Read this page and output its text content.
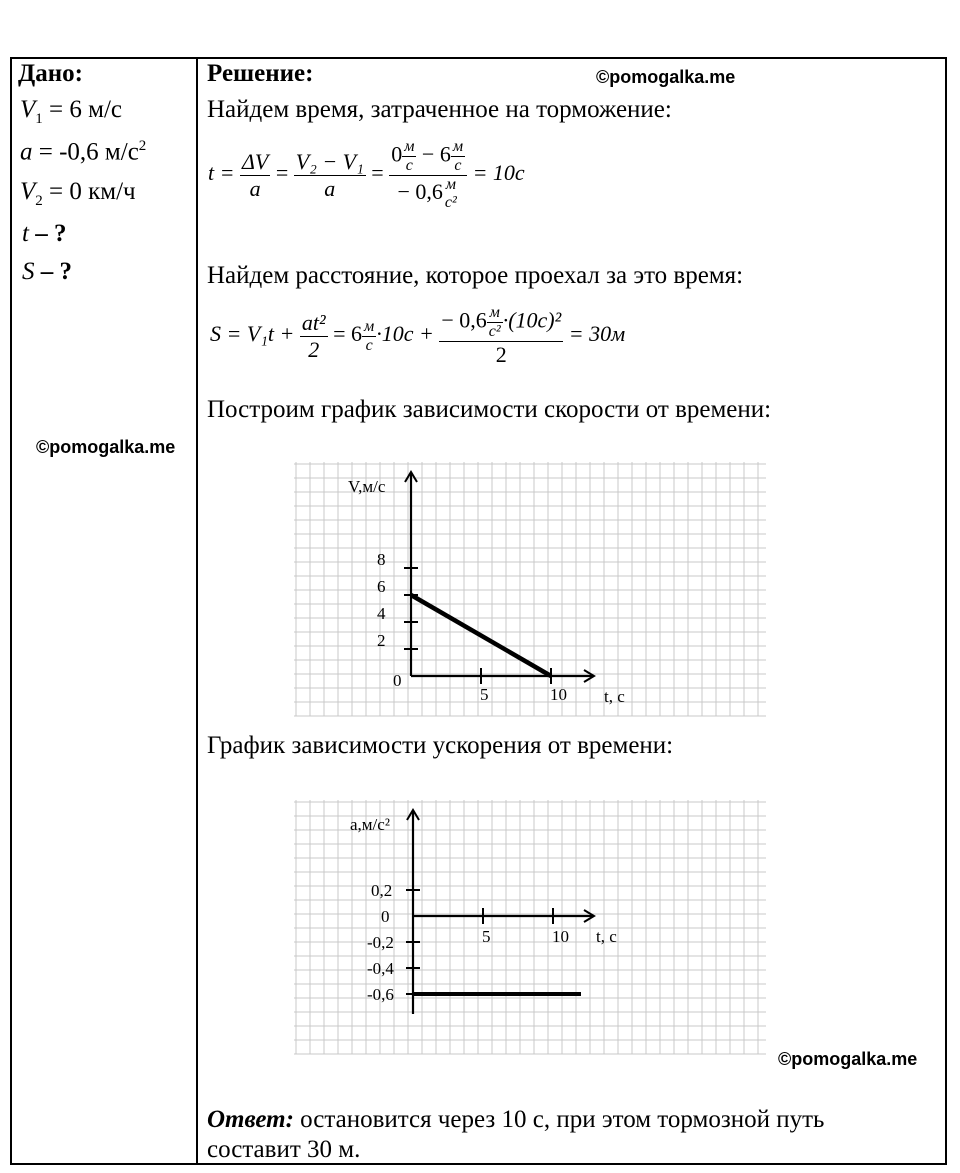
Дано:
$V_1 = 6$ м/с
a = -0,6 $м/с^2$
$V_2 = 0$ км/ч
t – ?
S – ?
©pomogalka.me
Решение:	©pomogalka.me
Найдем время, затраченное на торможение:
$t = \frac{\Delta V}{a} = \frac{\text{V₂ − V₁}}{a} = 0 \frac{м}{с} - 6 \frac{м}{с}$
− 0,6 м
с² = 10с
Найдем расстояние, которое проехал за это время:
$S = V_1t + \frac{\text{at²}}{2} = 6 \frac{м}{с} \cdot 10с + \frac{- 0,6 \frac{м}{\text{с²}} \cdot(10с)^2}{2} = 30м$
Построим график зависимости скорости от времени:
2
4
6
8
5	10
0
V,м/с
t, с
График зависимости ускорения от времени:
0,2
0
-0,2
-0,4
-0,6
5	10
а,м/с²
t, с
©pomogalka.me
Ответ: остановится через 10 с, при этом тормозной путь
составит 30 м.
